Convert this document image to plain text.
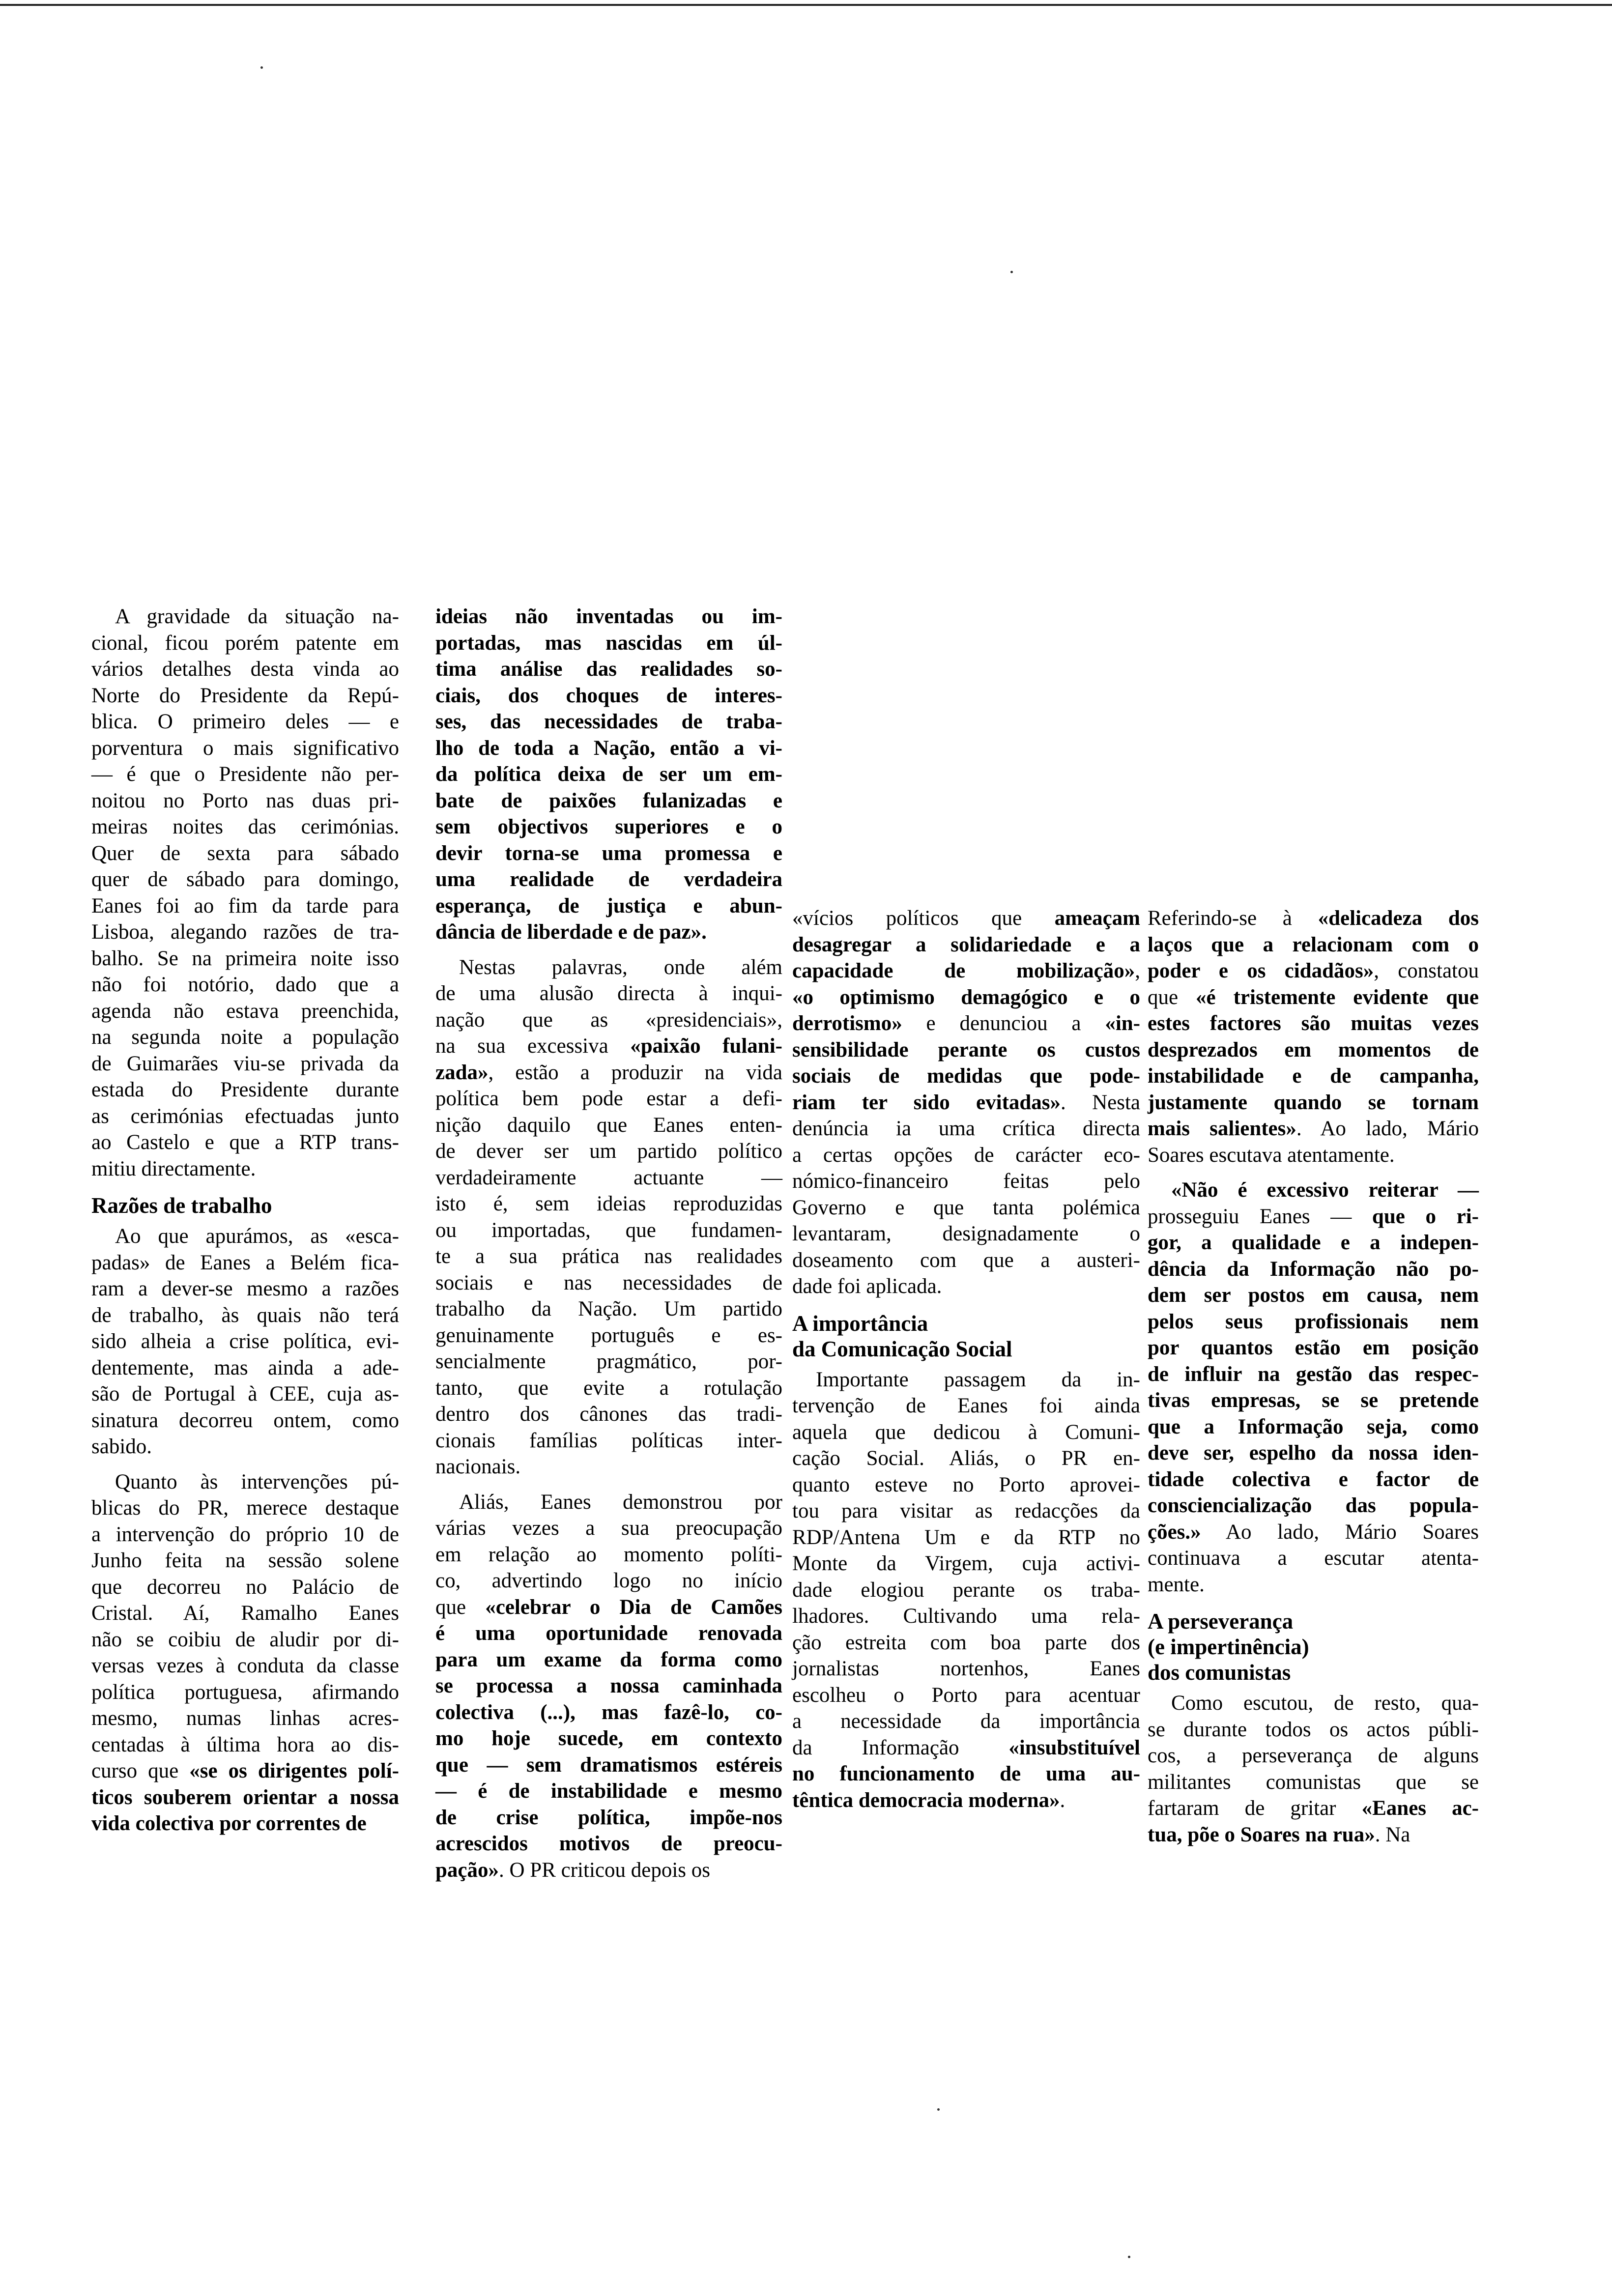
A gravidade da situação na-
cional, ficou porém patente em
vários detalhes desta vinda ao
Norte do Presidente da Repú-
blica. O primeiro deles — e
porventura o mais significativo
— é que o Presidente não per-
noitou no Porto nas duas pri-
meiras noites das cerimónias.
Quer de sexta para sábado
quer de sábado para domingo,
Eanes foi ao fim da tarde para
Lisboa, alegando razões de tra-
balho. Se na primeira noite isso
não foi notório, dado que a
agenda não estava preenchida,
na segunda noite a população
de Guimarães viu-se privada da
estada do Presidente durante
as cerimónias efectuadas junto
ao Castelo e que a RTP trans-
mitiu directamente.
Razões de trabalho
Ao que apurámos, as «esca-
padas» de Eanes a Belém fica-
ram a dever-se mesmo a razões
de trabalho, às quais não terá
sido alheia a crise política, evi-
dentemente, mas ainda a ade-
são de Portugal à CEE, cuja as-
sinatura decorreu ontem, como
sabido.
Quanto às intervenções pú-
blicas do PR, merece destaque
a intervenção do próprio 10 de
Junho feita na sessão solene
que decorreu no Palácio de
Cristal. Aí, Ramalho Eanes
não se coibiu de aludir por di-
versas vezes à conduta da classe
política portuguesa, afirmando
mesmo, numas linhas acres-
centadas à última hora ao dis-
curso que «se os dirigentes polí-
ticos souberem orientar a nossa
vida colectiva por correntes de
ideias não inventadas ou im-
portadas, mas nascidas em úl-
tima análise das realidades so-
ciais, dos choques de interes-
ses, das necessidades de traba-
lho de toda a Nação, então a vi-
da política deixa de ser um em-
bate de paixões fulanizadas e
sem objectivos superiores e o
devir torna-se uma promessa e
uma realidade de verdadeira
esperança, de justiça e abun-
dância de liberdade e de paz».
Nestas palavras, onde além
de uma alusão directa à inqui-
nação que as «presidenciais»,
na sua excessiva «paixão fulani-
zada», estão a produzir na vida
política bem pode estar a defi-
nição daquilo que Eanes enten-
de dever ser um partido político
verdadeiramente actuante —
isto é, sem ideias reproduzidas
ou importadas, que fundamen-
te a sua prática nas realidades
sociais e nas necessidades de
trabalho da Nação. Um partido
genuinamente português e es-
sencialmente pragmático, por-
tanto, que evite a rotulação
dentro dos cânones das tradi-
cionais famílias políticas inter-
nacionais.
Aliás, Eanes demonstrou por
várias vezes a sua preocupação
em relação ao momento políti-
co, advertindo logo no início
que «celebrar o Dia de Camões
é uma oportunidade renovada
para um exame da forma como
se processa a nossa caminhada
colectiva (...), mas fazê-lo, co-
mo hoje sucede, em contexto
que — sem dramatismos estéreis
— é de instabilidade e mesmo
de crise política, impõe-nos
acrescidos motivos de preocu-
pação». O PR criticou depois os
«vícios políticos que ameaçam
desagregar a solidariedade e a
capacidade de mobilização»,
«o optimismo demagógico e o
derrotismo» e denunciou a «in-
sensibilidade perante os custos
sociais de medidas que pode-
riam ter sido evitadas». Nesta
denúncia ia uma crítica directa
a certas opções de carácter eco-
nómico-financeiro feitas pelo
Governo e que tanta polémica
levantaram, designadamente o
doseamento com que a austeri-
dade foi aplicada.
A importância
da Comunicação Social
Importante passagem da in-
tervenção de Eanes foi ainda
aquela que dedicou à Comuni-
cação Social. Aliás, o PR en-
quanto esteve no Porto aprovei-
tou para visitar as redacções da
RDP/Antena Um e da RTP no
Monte da Virgem, cuja activi-
dade elogiou perante os traba-
lhadores. Cultivando uma rela-
ção estreita com boa parte dos
jornalistas nortenhos, Eanes
escolheu o Porto para acentuar
a necessidade da importância
da Informação «insubstituível
no funcionamento de uma au-
têntica democracia moderna».
Referindo-se à «delicadeza dos
laços que a relacionam com o
poder e os cidadãos», constatou
que «é tristemente evidente que
estes factores são muitas vezes
desprezados em momentos de
instabilidade e de campanha,
justamente quando se tornam
mais salientes». Ao lado, Mário
Soares escutava atentamente.
«Não é excessivo reiterar —
prosseguiu Eanes — que o ri-
gor, a qualidade e a indepen-
dência da Informação não po-
dem ser postos em causa, nem
pelos seus profissionais nem
por quantos estão em posição
de influir na gestão das respec-
tivas empresas, se se pretende
que a Informação seja, como
deve ser, espelho da nossa iden-
tidade colectiva e factor de
consciencialização das popula-
ções.» Ao lado, Mário Soares
continuava a escutar atenta-
mente.
A perseverança
(e impertinência)
dos comunistas
Como escutou, de resto, qua-
se durante todos os actos públi-
cos, a perseverança de alguns
militantes comunistas que se
fartaram de gritar «Eanes ac-
tua, põe o Soares na rua». Na
